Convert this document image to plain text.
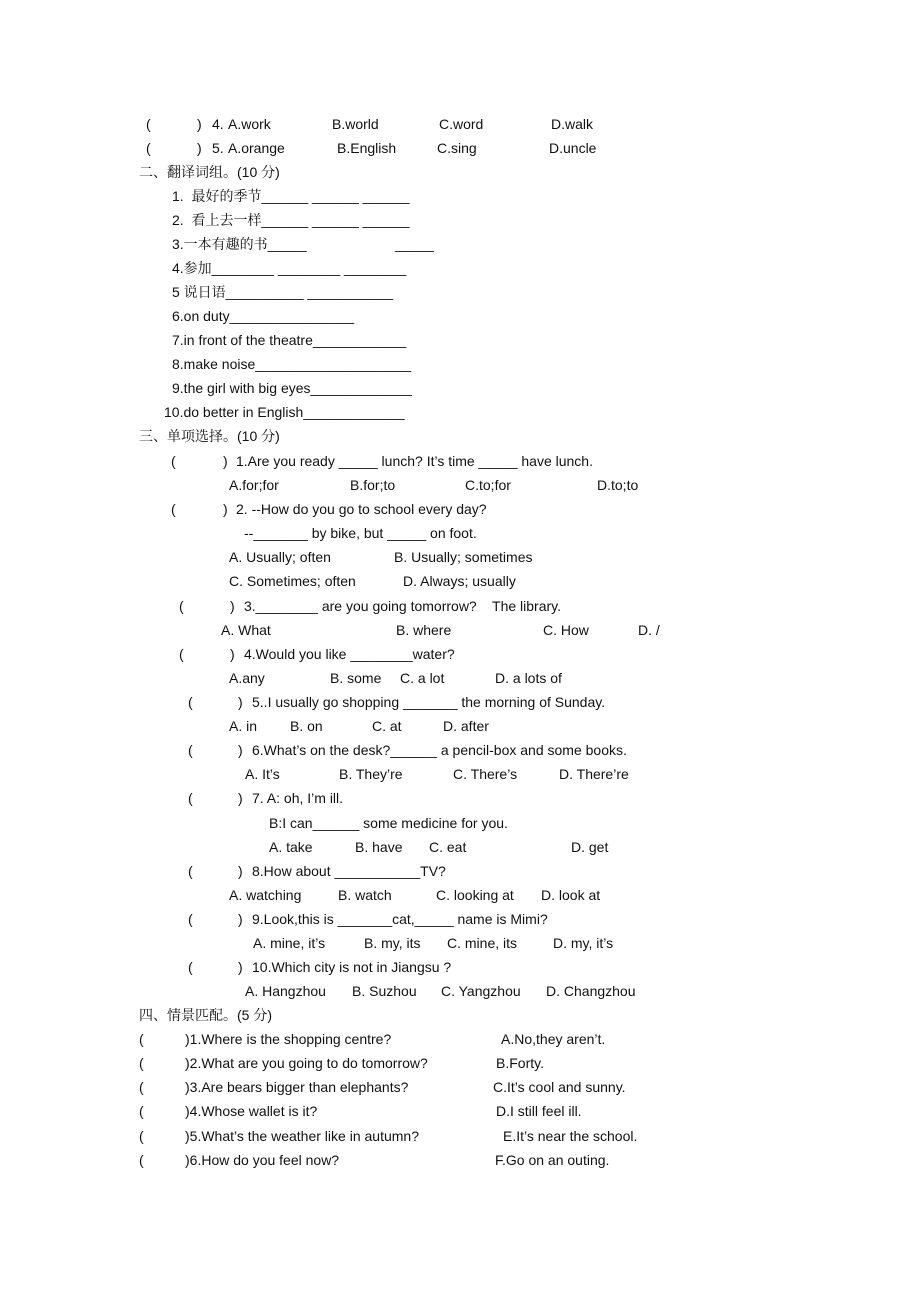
(	) 4. A.work	B.world	C.word	D.walk
(	) 5. A.orange	B.English	C.sing	D.uncle
二、翻译词组。(10 分)
1.  最好的季节______ ______ ______
2.  看上去一样______ ______ ______
3.一本有趣的书_____	_____
4.参加________ ________ ________
5 说日语__________ ___________
6.on duty________________
7.in front of the theatre____________
8.make noise____________________
9.the girl with big eyes_____________
10.do better in English_____________
三、单项选择。(10 分)
(	) 1.Are you ready _____ lunch? It’s time _____ have lunch.
A.for;for	B.for;to	C.to;for	D.to;to
(	) 2. --How do you go to school every day?
--_______ by bike, but _____ on foot.
A. Usually; often	B. Usually; sometimes
C. Sometimes; often	D. Always; usually
(	) 3.________ are you going tomorrow?    The library.
A. What	B. where	C. How	D. /
(	) 4.Would you like ________water?
A.any	B. some C. a lot	D. a lots of
(	) 5..I usually go shopping _______ the morning of Sunday.
A. in B. on	C. at	D. after
(	) 6.What’s on the desk?______ a pencil-box and some books.
A. It’s	B. They’re	C. There’s	D. There’re
(	) 7. A: oh, I’m ill.
B:I can______ some medicine for you.
A. take	B. have C. eat	D. get
(	) 8.How about ___________TV?
A. watching	B. watch	C. looking at D. look at
(	) 9.Look,this is _______cat,_____ name is Mimi?
A. mine, it’s	B. my, its C. mine, its	D. my, it’s
(	) 10.Which city is not in Jiangsu ?
A. Hangzhou B. Suzhou C. Yangzhou D. Changzhou
四、情景匹配。(5 分)
(	)1.Where is the shopping centre?	A.No,they aren’t.
(	)2.What are you going to do tomorrow?	B.Forty.
(	)3.Are bears bigger than elephants?	C.It’s cool and sunny.
(	)4.Whose wallet is it?	D.I still feel ill.
(	)5.What’s the weather like in autumn?	E.It’s near the school.
(	)6.How do you feel now?	F.Go on an outing.
